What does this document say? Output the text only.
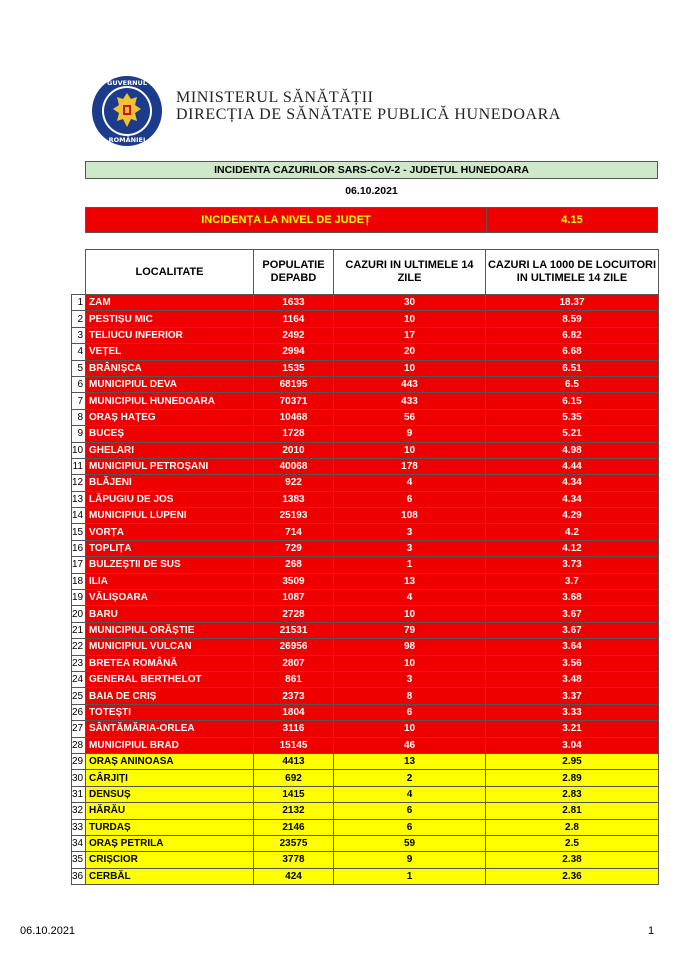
GUVERNUL
ROMÂNIEI
MINISTERUL SĂNĂTĂȚII
DIRECȚIA DE SĂNĂTATE PUBLICĂ HUNEDOARA
INCIDENTA CAZURILOR SARS-CoV-2 - JUDEȚUL HUNEDOARA
06.10.2021
INCIDENȚA LA NIVEL DE JUDEȚ	4.15
	LOCALITATE	POPULATIE DEPABD	CAZURI IN ULTIMELE 14 ZILE	CAZURI LA 1000 DE LOCUITORI IN ULTIMELE 14 ZILE
1	ZAM	1633	30	18.37
2	PESTIȘU MIC	1164	10	8.59
3	TELIUCU INFERIOR	2492	17	6.82
4	VEȚEL	2994	20	6.68
5	BRÂNIȘCA	1535	10	6.51
6	MUNICIPIUL DEVA	68195	443	6.5
7	MUNICIPIUL HUNEDOARA	70371	433	6.15
8	ORAȘ HAȚEG	10468	56	5.35
9	BUCEȘ	1728	9	5.21
10	GHELARI	2010	10	4.98
11	MUNICIPIUL PETROȘANI	40068	178	4.44
12	BLĂJENI	922	4	4.34
13	LĂPUGIU DE JOS	1383	6	4.34
14	MUNICIPIUL LUPENI	25193	108	4.29
15	VORȚA	714	3	4.2
16	TOPLIȚA	729	3	4.12
17	BULZEȘTII DE SUS	268	1	3.73
18	ILIA	3509	13	3.7
19	VĂLIȘOARA	1087	4	3.68
20	BARU	2728	10	3.67
21	MUNICIPIUL ORĂȘTIE	21531	79	3.67
22	MUNICIPIUL VULCAN	26956	98	3.64
23	BRETEA ROMÂNĂ	2807	10	3.56
24	GENERAL BERTHELOT	861	3	3.48
25	BAIA DE CRIȘ	2373	8	3.37
26	TOTEȘTI	1804	6	3.33
27	SÂNTĂMĂRIA-ORLEA	3116	10	3.21
28	MUNICIPIUL BRAD	15145	46	3.04
29	ORAȘ ANINOASA	4413	13	2.95
30	CÂRJIȚI	692	2	2.89
31	DENSUȘ	1415	4	2.83
32	HĂRĂU	2132	6	2.81
33	TURDAȘ	2146	6	2.8
34	ORAȘ PETRILA	23575	59	2.5
35	CRIȘCIOR	3778	9	2.38
36	CERBĂL	424	1	2.36
06.10.2021	1
